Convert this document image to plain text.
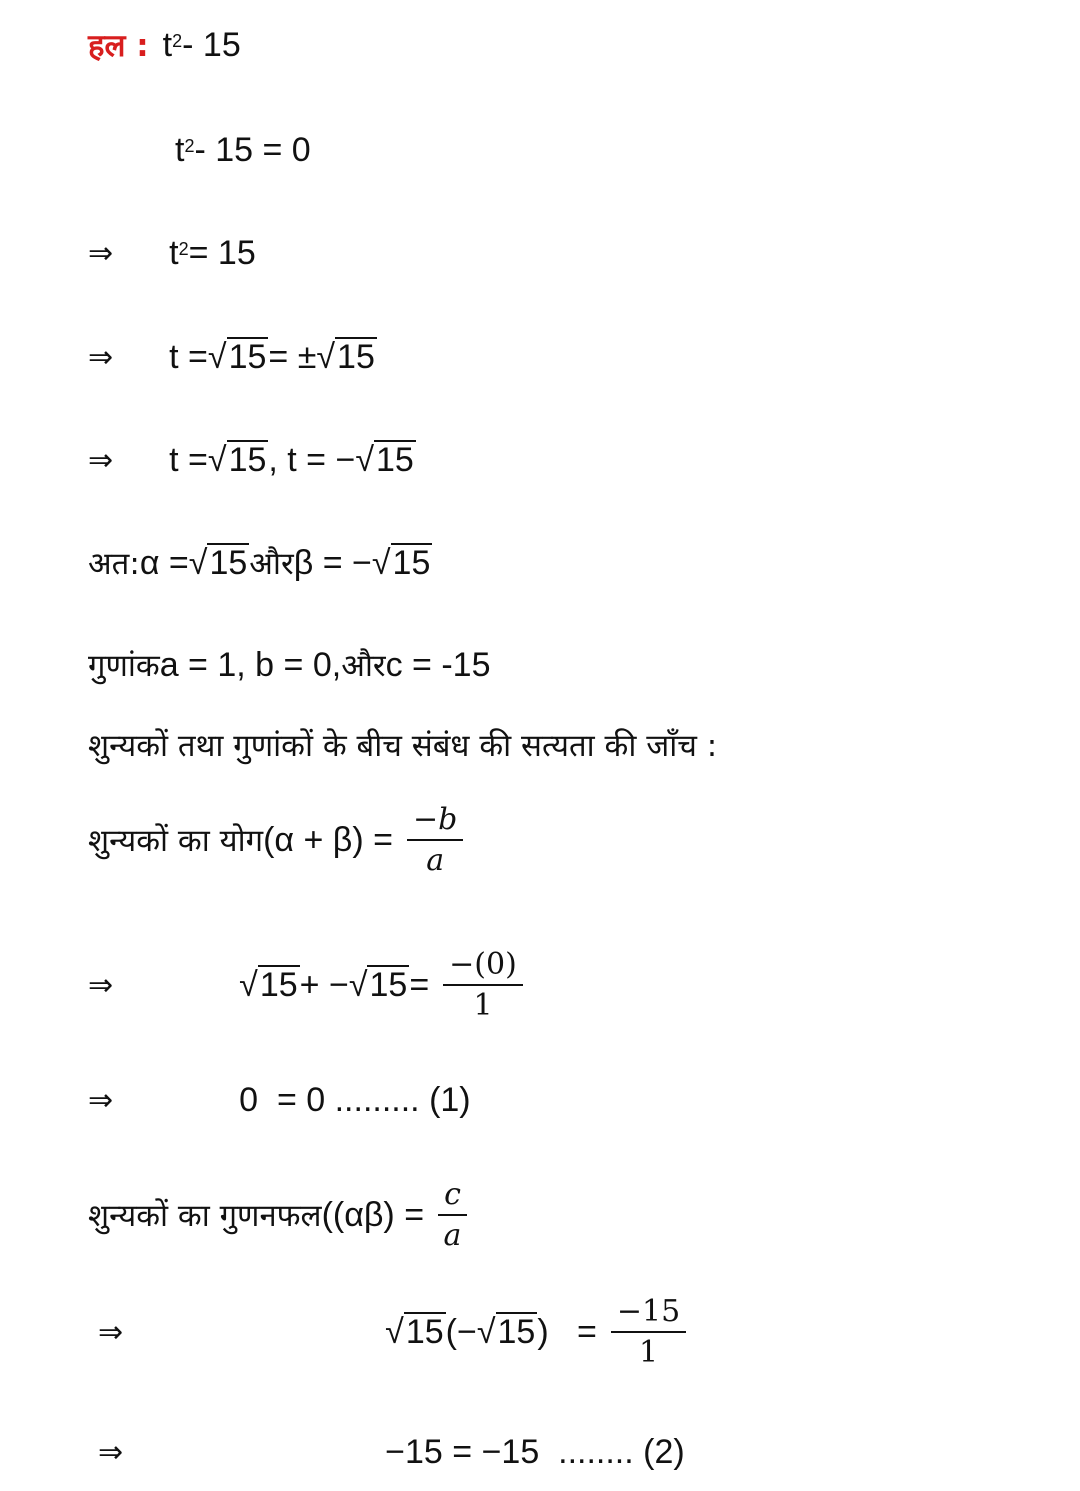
हल : $t^2 - 15$
$t^2 - 15 = 0$
⇒ $t^2 = 15$
⇒ t = √ 15 = ± √ 15
⇒ t = √ 15 , t = − √ 15
अत: α = √ 15 और β = − √ 15
गुणांक a = 1, b = 0, और c = -15
शुन्यकों तथा गुणांकों के बीच संबंध की सत्यता की जाँच :
शुन्यकों का योग $(\alpha + \beta) = \frac{-b}{a}$
⇒	√ 15 + − √ $15 = \frac{-(0)}{1}$
⇒	0  = 0 ......... (1)
शुन्यकों का गुणनफल ($(\alpha\beta) = \frac{c}{a}$
⇒	√ 15 (− √ 15 )   = $\frac{-15}{1}$
⇒	−15 = −15  ........ (2)
